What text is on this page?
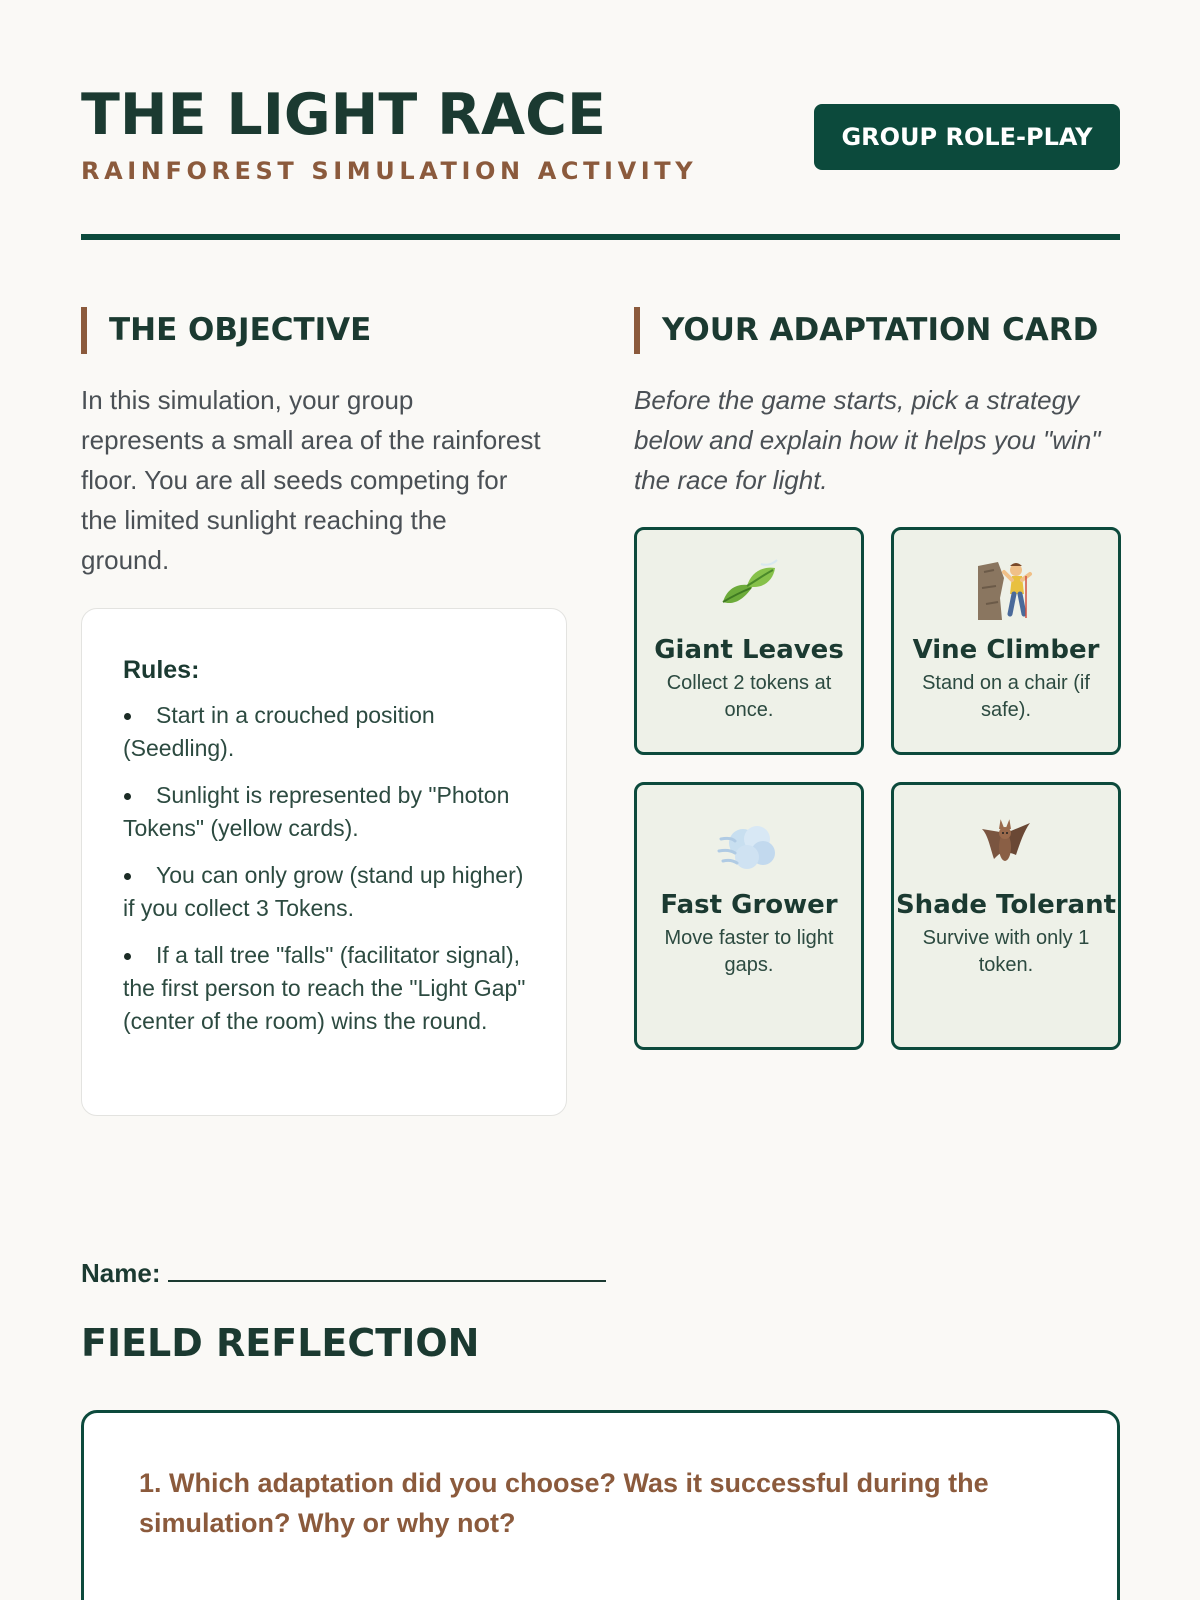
THE LIGHT RACE
RAINFOREST SIMULATION ACTIVITY
GROUP ROLE-PLAY
THE OBJECTIVE

In this simulation, your group represents a small area of the rainforest floor. You are all seeds competing for the limited sunlight reaching the ground.

Rules:
Start in a crouched position (Seedling).
Sunlight is represented by "Photon Tokens" (yellow cards).
You can only grow (stand up higher) if you collect 3 Tokens.
If a tall tree "falls" (facilitator signal), the first person to reach the "Light Gap" (center of the room) wins the round.
YOUR ADAPTATION CARD

Before the game starts, pick a strategy below and explain how it helps you "win" the race for light.

Giant Leaves
Collect 2 tokens at once.
Vine Climber
Stand on a chair (if safe).
Fast Grower
Move faster to light gaps.
Shade Tolerant
Survive with only 1 token.
Name:
FIELD REFLECTION

1. Which adaptation did you choose? Was it successful during the simulation? Why or why not?
